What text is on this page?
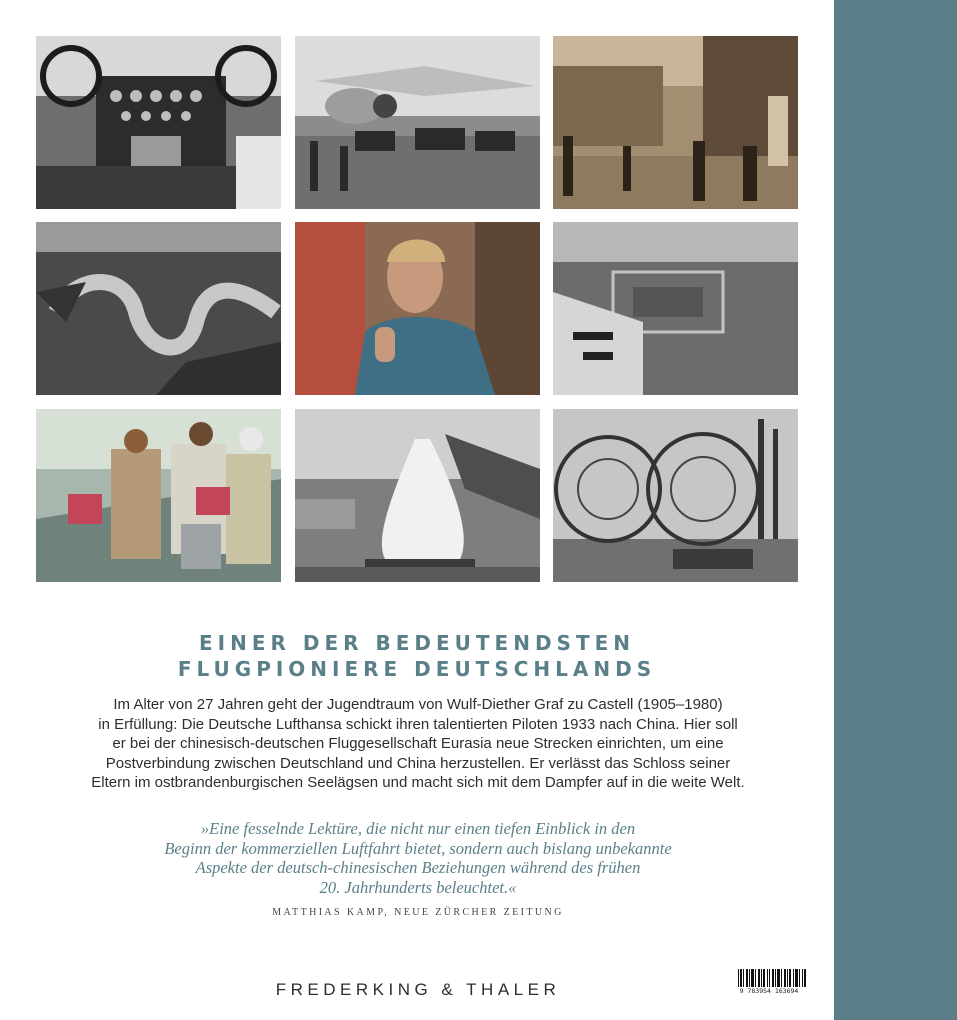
EINER DER BEDEUTENDSTEN
FLUGPIONIERE DEUTSCHLANDS
Im Alter von 27 Jahren geht der Jugendtraum von Wulf-Diether Graf zu Castell (1905–1980)
in Erfüllung: Die Deutsche Lufthansa schickt ihren talentierten Piloten 1933 nach China. Hier soll
er bei der chinesisch-deutschen Fluggesellschaft Eurasia neue Strecken einrichten, um eine
Postverbindung zwischen Deutschland und China herzustellen. Er verlässt das Schloss seiner
Eltern im ostbrandenburgischen Seelägsen und macht sich mit dem Dampfer auf in die weite Welt.
»Eine fesselnde Lektüre, die nicht nur einen tiefen Einblick in den
Beginn der kommerziellen Luftfahrt bietet, sondern auch bislang unbekannte
Aspekte der deutsch-chinesischen Beziehungen während des frühen
20. Jahrhunderts beleuchtet.«
MATTHIAS KAMP, NEUE ZÜRCHER ZEITUNG
FREDERKING & THALER	9 783954 163694
